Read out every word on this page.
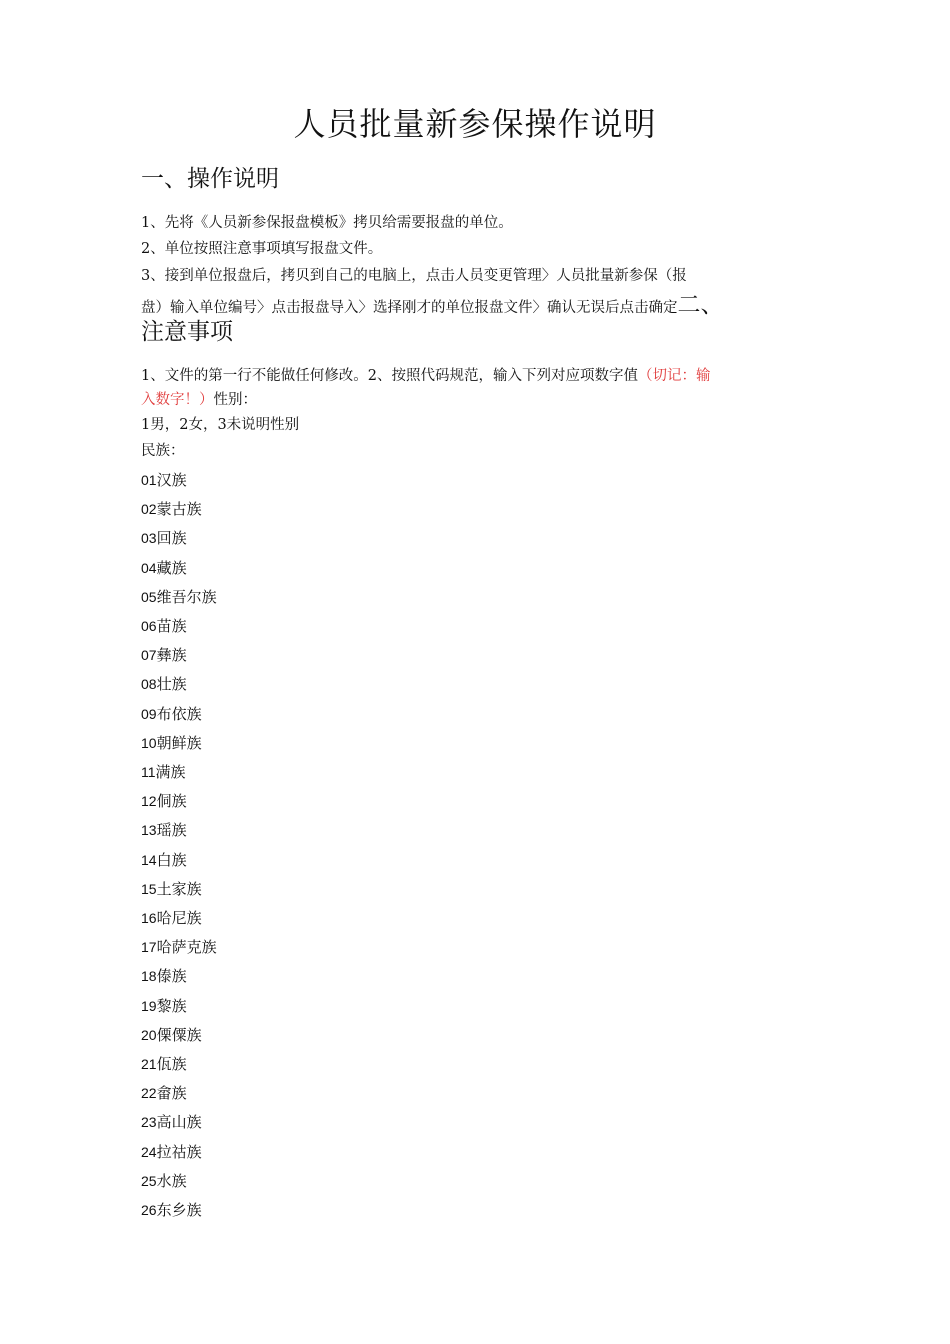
人员批量新参保操作说明
一、操作说明
1、先将《人员新参保报盘模板》拷贝给需要报盘的单位。
2、单位按照注意事项填写报盘文件。
3、接到单位报盘后，拷贝到自己的电脑上，点击人员变更管理〉人员批量新参保（报
盘）输入单位编号〉点击报盘导入〉选择刚才的单位报盘文件〉确认无误后点击确定二、
注意事项
1、文件的第一行不能做任何修改。2、按照代码规范，输入下列对应项数字值（切记：输
入数字！）性别：
1男，2女，3未说明性别
民族：
01汉族
02蒙古族
03回族
04藏族
05维吾尔族
06苗族
07彝族
08壮族
09布依族
10朝鲜族
11满族
12侗族
13瑶族
14白族
15土家族
16哈尼族
17哈萨克族
18傣族
19黎族
20傈僳族
21佤族
22畲族
23高山族
24拉祜族
25水族
26东乡族
